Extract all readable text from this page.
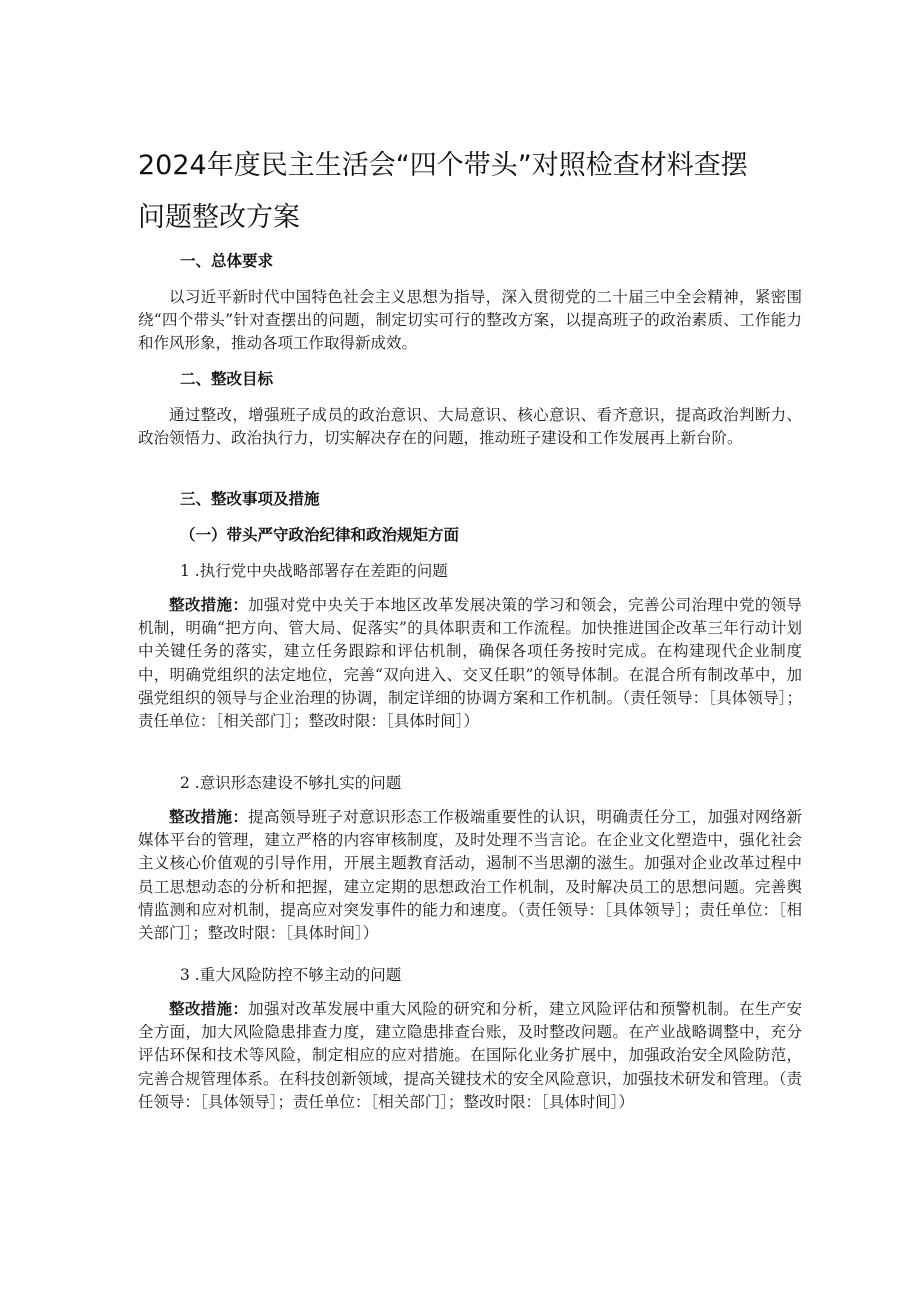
2024年度民主生活会“四个带头”对照检查材料查摆
问题整改方案

一、总体要求

以习近平新时代中国特色社会主义思想为指导，深入贯彻党的二十届三中全会精神，紧密围绕“四个带头”针对查摆出的问题，制定切实可行的整改方案，以提高班子的政治素质、工作能力和作风形象，推动各项工作取得新成效。

二、整改目标

通过整改，增强班子成员的政治意识、大局意识、核心意识、看齐意识，提高政治判断力、政治领悟力、政治执行力，切实解决存在的问题，推动班子建设和工作发展再上新台阶。

三、整改事项及措施

（一）带头严守政治纪律和政治规矩方面

1 .执行党中央战略部署存在差距的问题

整改措施：加强对党中央关于本地区改革发展决策的学习和领会，完善公司治理中党的领导机制，明确“把方向、管大局、促落实”的具体职责和工作流程。加快推进国企改革三年行动计划中关键任务的落实，建立任务跟踪和评估机制，确保各项任务按时完成。在构建现代企业制度中，明确党组织的法定地位，完善“双向进入、交叉任职”的领导体制。在混合所有制改革中，加强党组织的领导与企业治理的协调，制定详细的协调方案和工作机制。（责任领导：［具体领导］；责任单位：［相关部门］；整改时限：［具体时间］）

2 .意识形态建设不够扎实的问题

整改措施：提高领导班子对意识形态工作极端重要性的认识，明确责任分工，加强对网络新媒体平台的管理，建立严格的内容审核制度，及时处理不当言论。在企业文化塑造中，强化社会主义核心价值观的引导作用，开展主题教育活动，遏制不当思潮的滋生。加强对企业改革过程中员工思想动态的分析和把握，建立定期的思想政治工作机制，及时解决员工的思想问题。完善舆情监测和应对机制，提高应对突发事件的能力和速度。（责任领导：［具体领导］；责任单位：［相关部门］；整改时限：［具体时间］）

3 .重大风险防控不够主动的问题

整改措施：加强对改革发展中重大风险的研究和分析，建立风险评估和预警机制。在生产安全方面，加大风险隐患排查力度，建立隐患排查台账，及时整改问题。在产业战略调整中，充分评估环保和技术等风险，制定相应的应对措施。在国际化业务扩展中，加强政治安全风险防范，完善合规管理体系。在科技创新领域，提高关键技术的安全风险意识，加强技术研发和管理。（责任领导：［具体领导］；责任单位：［相关部门］；整改时限：［具体时间］）
